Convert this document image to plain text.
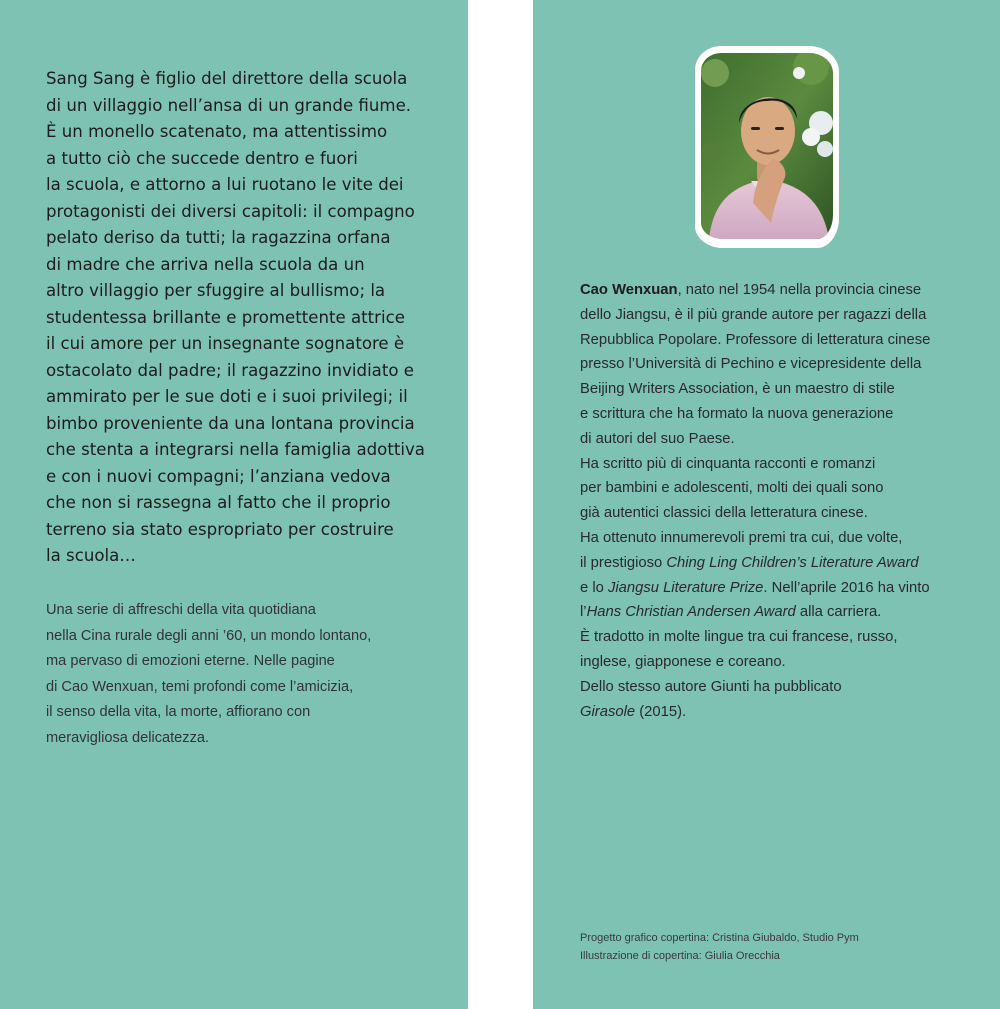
Sang Sang è figlio del direttore della scuola
di un villaggio nell’ansa di un grande fiume.
È un monello scatenato, ma attentissimo
a tutto ciò che succede dentro e fuori
la scuola, e attorno a lui ruotano le vite dei
protagonisti dei diversi capitoli: il compagno
pelato deriso da tutti; la ragazzina orfana
di madre che arriva nella scuola da un
altro villaggio per sfuggire al bullismo; la
studentessa brillante e promettente attrice
il cui amore per un insegnante sognatore è
ostacolato dal padre; il ragazzino invidiato e
ammirato per le sue doti e i suoi privilegi; il
bimbo proveniente da una lontana provincia
che stenta a integrarsi nella famiglia adottiva
e con i nuovi compagni; l’anziana vedova
che non si rassegna al fatto che il proprio
terreno sia stato espropriato per costruire
la scuola…

Una serie di affreschi della vita quotidiana
nella Cina rurale degli anni ’60, un mondo lontano,
ma pervaso di emozioni eterne. Nelle pagine
di Cao Wenxuan, temi profondi come l’amicizia,
il senso della vita, la morte, affiorano con
meravigliosa delicatezza.

Cao Wenxuan, nato nel 1954 nella provincia cinese
dello Jiangsu, è il più grande autore per ragazzi della
Repubblica Popolare. Professore di letteratura cinese
presso l’Università di Pechino e vicepresidente della
Beijing Writers Association, è un maestro di stile
e scrittura che ha formato la nuova generazione
di autori del suo Paese.
Ha scritto più di cinquanta racconti e romanzi
per bambini e adolescenti, molti dei quali sono
già autentici classici della letteratura cinese.
Ha ottenuto innumerevoli premi tra cui, due volte,
il prestigioso Ching Ling Children’s Literature Award
e lo Jiangsu Literature Prize. Nell’aprile 2016 ha vinto
l’Hans Christian Andersen Award alla carriera.
È tradotto in molte lingue tra cui francese, russo,
inglese, giapponese e coreano.
Dello stesso autore Giunti ha pubblicato
Girasole (2015).

Progetto grafico copertina: Cristina Giubaldo, Studio Pym
Illustrazione di copertina: Giulia Orecchia
